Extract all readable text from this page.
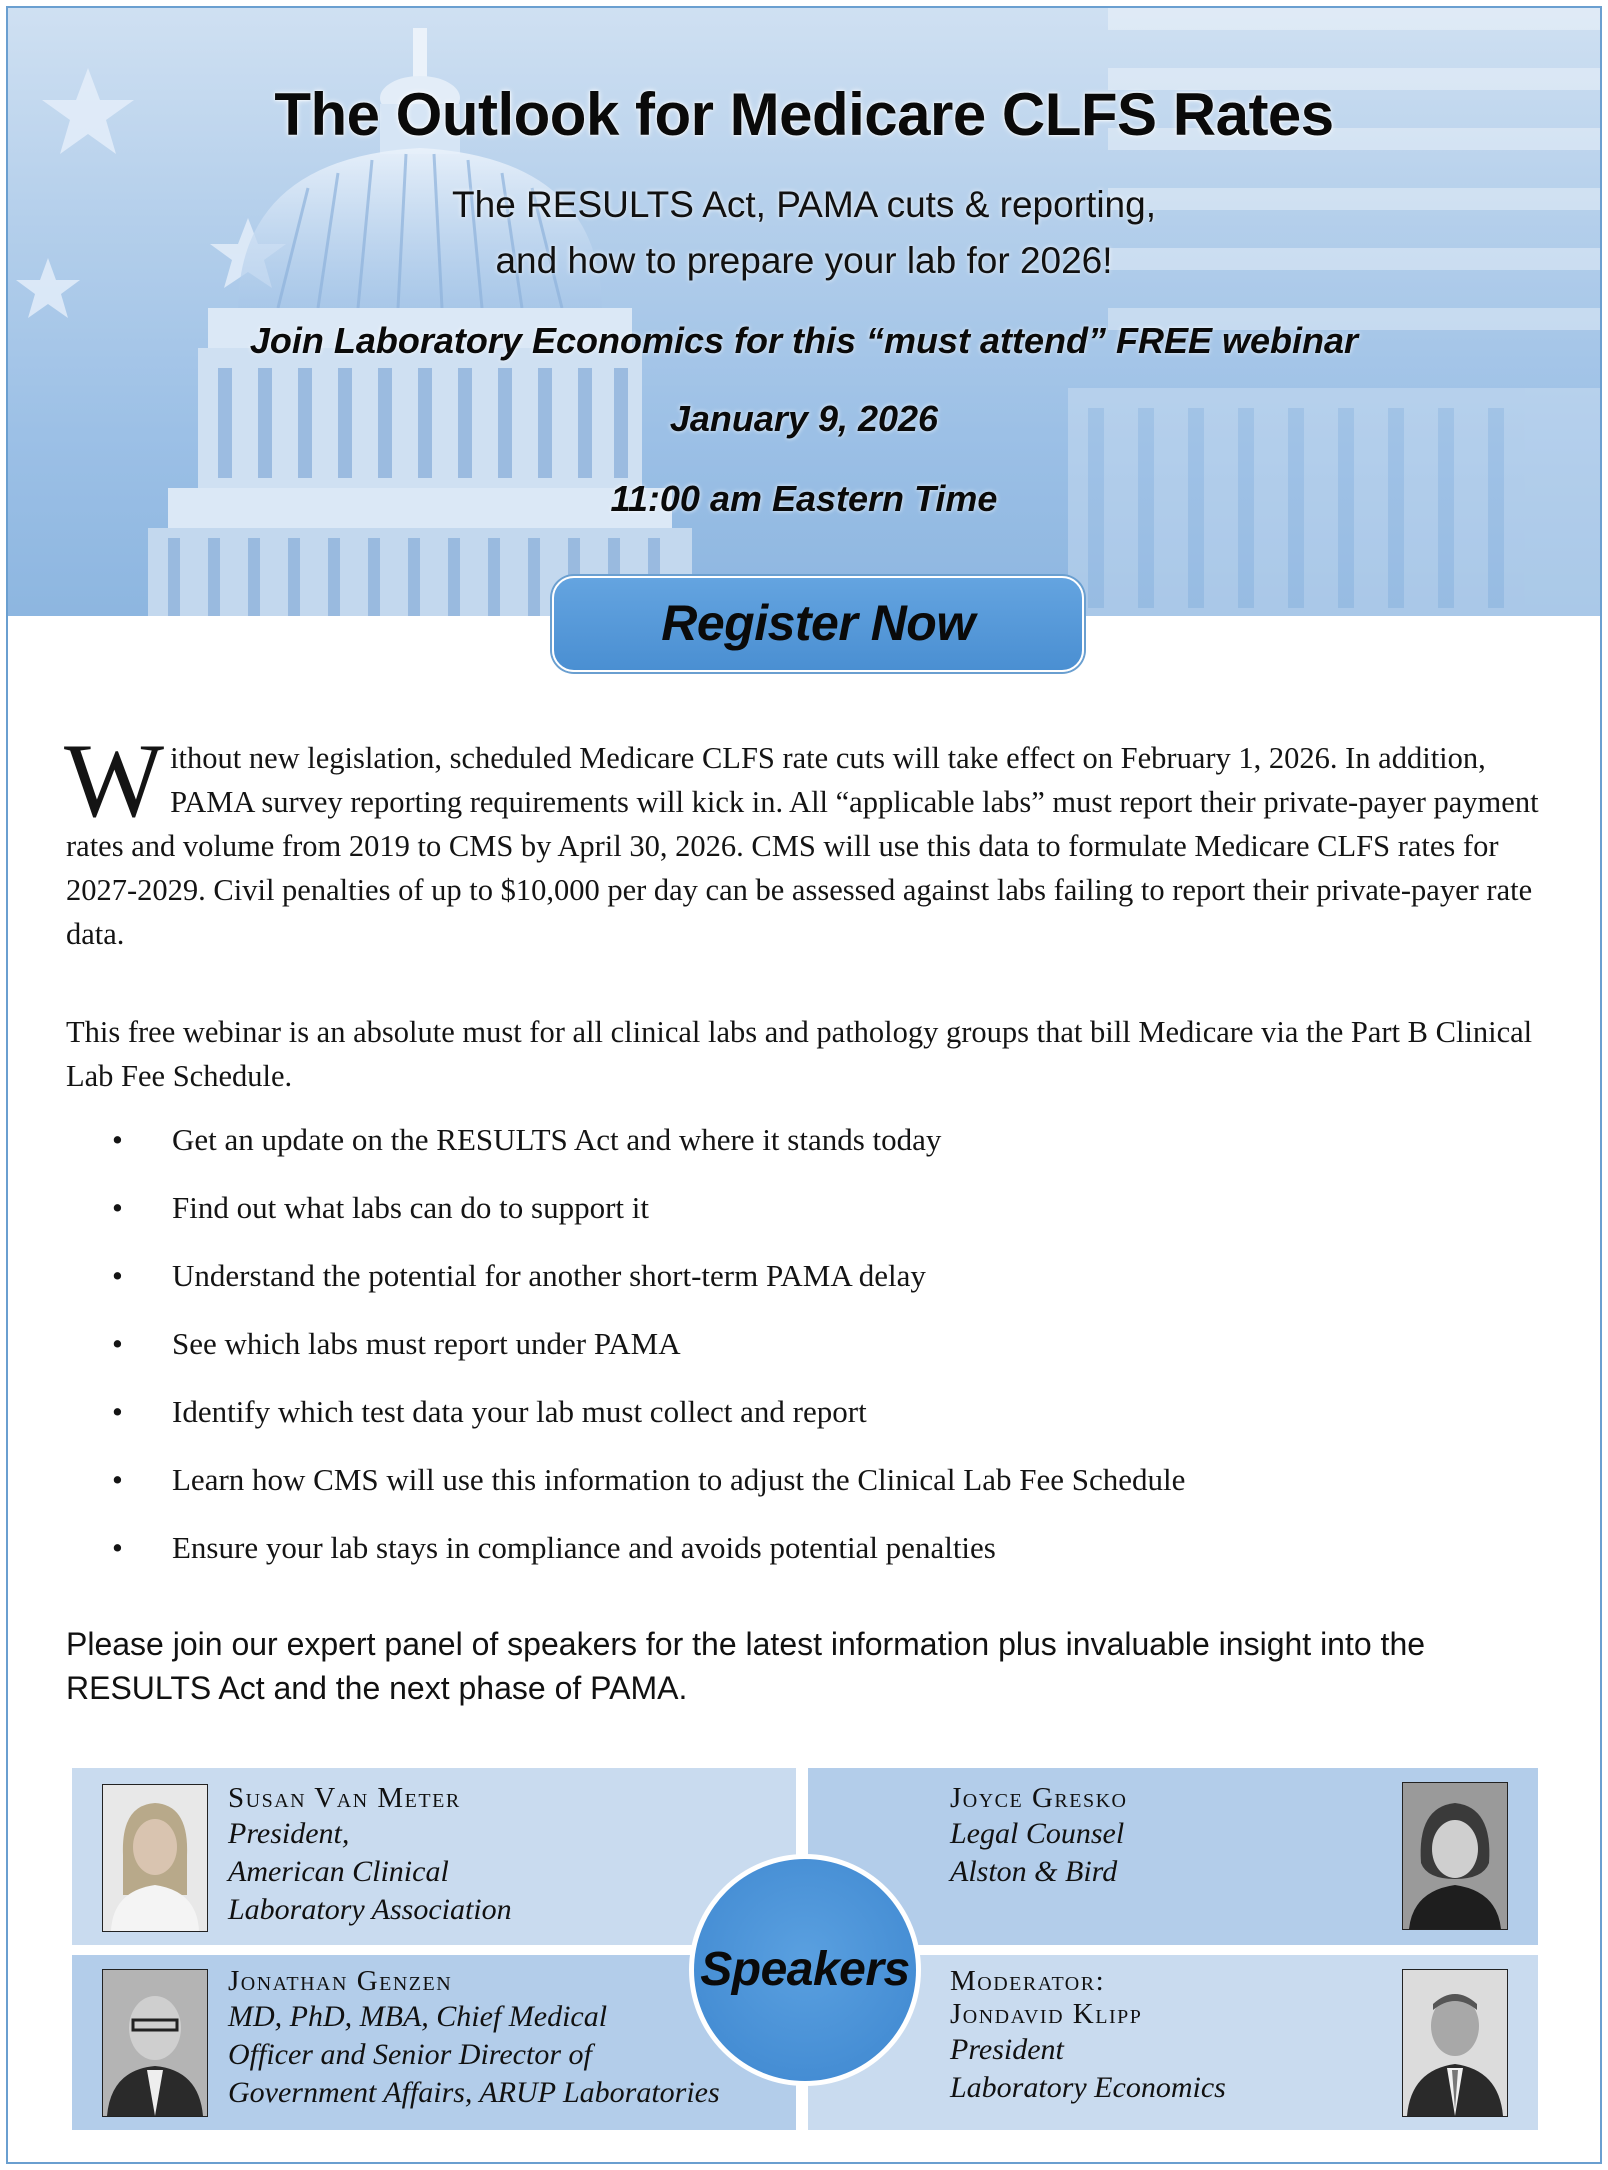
The Outlook for Medicare CLFS Rates
The RESULTS Act, PAMA cuts & reporting,
and how to prepare your lab for 2026!
Join Laboratory Economics for this “must attend” FREE webinar
January 9, 2026
11:00 am Eastern Time
Register Now
Without new legislation, scheduled Medicare CLFS rate cuts will take effect on February 1, 2026. In addition, PAMA survey reporting requirements will kick in. All “applicable labs” must report their private-payer payment rates and volume from 2019 to CMS by April 30, 2026. CMS will use this data to formulate Medicare CLFS rates for 2027-2029. Civil penalties of up to $10,000 per day can be assessed against labs failing to report their private-payer rate data.
This free webinar is an absolute must for all clinical labs and pathology groups that bill Medicare via the Part B Clinical Lab Fee Schedule.
• Get an update on the RESULTS Act and where it stands today
• Find out what labs can do to support it
• Understand the potential for another short-term PAMA delay
• See which labs must report under PAMA
• Identify which test data your lab must collect and report
• Learn how CMS will use this information to adjust the Clinical Lab Fee Schedule
• Ensure your lab stays in compliance and avoids potential penalties
Please join our expert panel of speakers for the latest information plus invaluable insight into the RESULTS Act and the next phase of PAMA.
Susan Van Meter
President,
American Clinical
Laboratory Association
Joyce Gresko
Legal Counsel
Alston & Bird
Jonathan Genzen
MD, PhD, MBA, Chief Medical
Officer and Senior Director of
Government Affairs, ARUP Laboratories
Moderator:
Jondavid Klipp
President
Laboratory Economics
Speakers
